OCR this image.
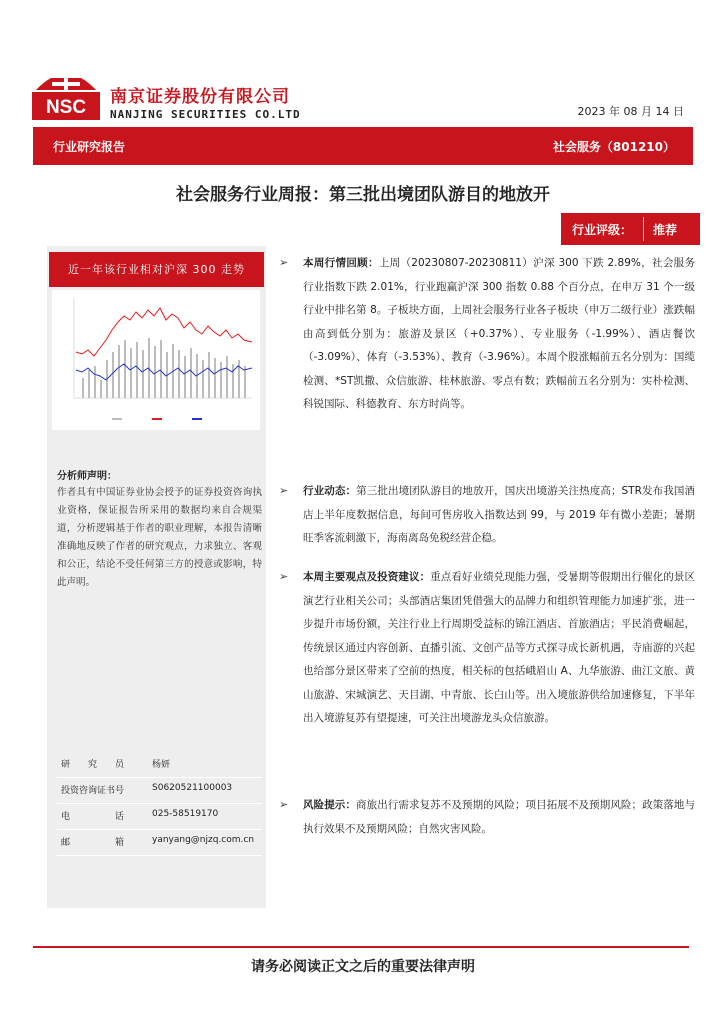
NSC 南京证券股份有限公司
NANJING SECURITIES CO.LTD	2023 年 08 月 14 日
行业研究报告	社会服务（801210）
社会服务行业周报：第三批出境团队游目的地放开
行业评级： 推荐
近一年该行业相对沪深 300 走势
分析师声明：
作者具有中国证券业协会授予的证券投资咨询执业资格，保证报告所采用的数据均来自合规渠道，分析逻辑基于作者的职业理解，本报告清晰准确地反映了作者的研究观点，力求独立、客观和公正，结论不受任何第三方的授意或影响，特此声明。
研　　究　　员	杨妍
投资咨询证书号	S0620521100003
电　　　　　话	025-58519170
邮　　　　　箱	yanyang@njzq.com.cn
➢ 本周行情回顾：上周（20230807-20230811）沪深 300 下跌 2.89%，社会服务行业指数下跌 2.01%，行业跑赢沪深 300 指数 0.88 个百分点，在申万 31 个一级行业中排名第 8。子板块方面，上周社会服务行业各子板块（申万二级行业）涨跌幅由高到低分别为：旅游及景区（+0.37%）、专业服务（-1.99%）、酒店餐饮（-3.09%）、体育（-3.53%）、教育（-3.96%）。本周个股涨幅前五名分别为：国缆检测、*ST凯撒、众信旅游、桂林旅游、零点有数；跌幅前五名分别为：实朴检测、科锐国际、科德教育、东方时尚等。
➢ 行业动态：第三批出境团队游目的地放开，国庆出境游关注热度高；STR发布我国酒店上半年度数据信息，每间可售房收入指数达到 99，与 2019 年有微小差距；暑期旺季客流刺激下，海南离岛免税经营企稳。
➢ 本周主要观点及投资建议：重点看好业绩兑现能力强，受暑期等假期出行催化的景区演艺行业相关公司；头部酒店集团凭借强大的品牌力和组织管理能力加速扩张，进一步提升市场份额，关注行业上行周期受益标的锦江酒店、首旅酒店；平民消费崛起，传统景区通过内容创新、直播引流、文创产品等方式探寻成长新机遇，寺庙游的兴起也给部分景区带来了空前的热度，相关标的包括峨眉山 A、九华旅游、曲江文旅、黄山旅游、宋城演艺、天目湖、中青旅、长白山等。出入境旅游供给加速修复，下半年出入境游复苏有望提速，可关注出境游龙头众信旅游。
➢ 风险提示：商旅出行需求复苏不及预期的风险；项目拓展不及预期风险；政策落地与执行效果不及预期风险；自然灾害风险。
请务必阅读正文之后的重要法律声明
